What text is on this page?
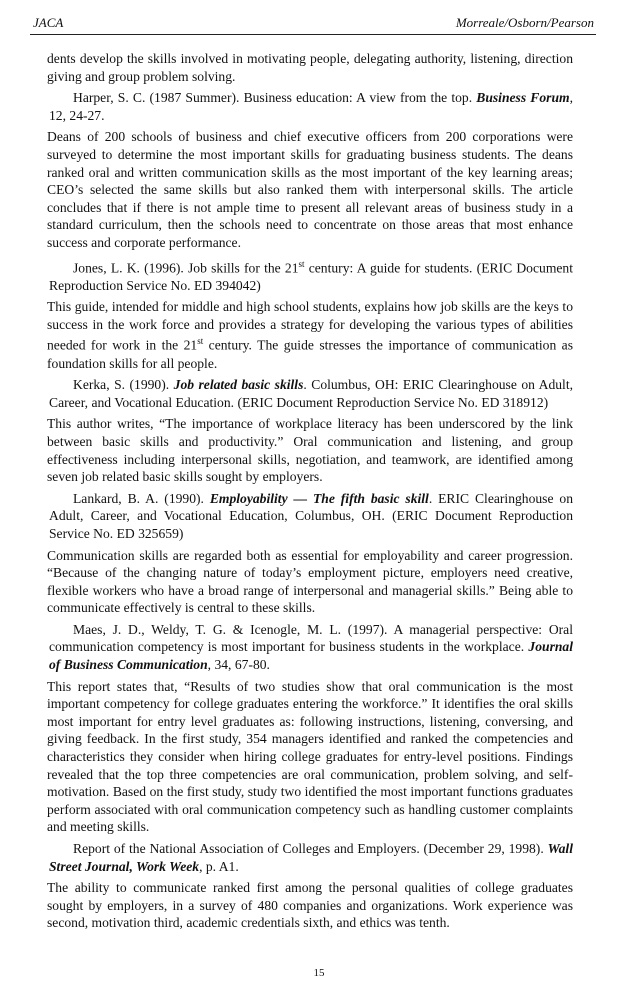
JACA	Morreale/Osborn/Pearson

dents develop the skills involved in motivating people, delegating authority, listening, direction giving and group problem solving.

Harper, S. C. (1987 Summer). Business education: A view from the top. Business Forum, 12, 24-27.

Deans of 200 schools of business and chief executive officers from 200 corporations were surveyed to determine the most important skills for graduating business students. The deans ranked oral and written communication skills as the most important of the key learning areas; CEO’s selected the same skills but also ranked them with interpersonal skills. The article concludes that if there is not ample time to present all relevant areas of business study in a standard curriculum, then the schools need to concentrate on those areas that most enhance success and corporate performance.

Jones, L. K. (1996). Job skills for the 21st century: A guide for students. (ERIC Document Reproduction Service No. ED 394042)

This guide, intended for middle and high school students, explains how job skills are the keys to success in the work force and provides a strategy for developing the various types of abilities needed for work in the 21st century. The guide stresses the importance of communication as foundation skills for all people.

Kerka, S. (1990). Job related basic skills. Columbus, OH: ERIC Clearinghouse on Adult, Career, and Vocational Education. (ERIC Document Reproduction Service No. ED 318912)

This author writes, “The importance of workplace literacy has been underscored by the link between basic skills and productivity.” Oral communication and listening, and group effectiveness including interpersonal skills, negotiation, and teamwork, are identified among seven job related basic skills sought by employers.

Lankard, B. A. (1990). Employability — The fifth basic skill. ERIC Clearinghouse on Adult, Career, and Vocational Education, Columbus, OH. (ERIC Document Reproduction Service No. ED 325659)

Communication skills are regarded both as essential for employability and career progression. “Because of the changing nature of today’s employment picture, employers need creative, flexible workers who have a broad range of interpersonal and managerial skills.” Being able to communicate effectively is central to these skills.

Maes, J. D., Weldy, T. G. & Icenogle, M. L. (1997). A managerial perspective: Oral communication competency is most important for business students in the workplace. Journal of Business Communication, 34, 67-80.

This report states that, “Results of two studies show that oral communication is the most important competency for college graduates entering the workforce.” It identifies the oral skills most important for entry level graduates as: following instructions, listening, conversing, and giving feedback. In the first study, 354 managers identified and ranked the competencies and characteristics they consider when hiring college graduates for entry-level positions. Findings revealed that the top three competencies are oral communication, problem solving, and self-motivation. Based on the first study, study two identified the most important functions graduates perform associated with oral communication competency such as handling customer complaints and meeting skills.

Report of the National Association of Colleges and Employers. (December 29, 1998). Wall Street Journal, Work Week, p. A1.

The ability to communicate ranked first among the personal qualities of college graduates sought by employers, in a survey of 480 companies and organizations. Work experience was second, motivation third, academic credentials sixth, and ethics was tenth.

15
